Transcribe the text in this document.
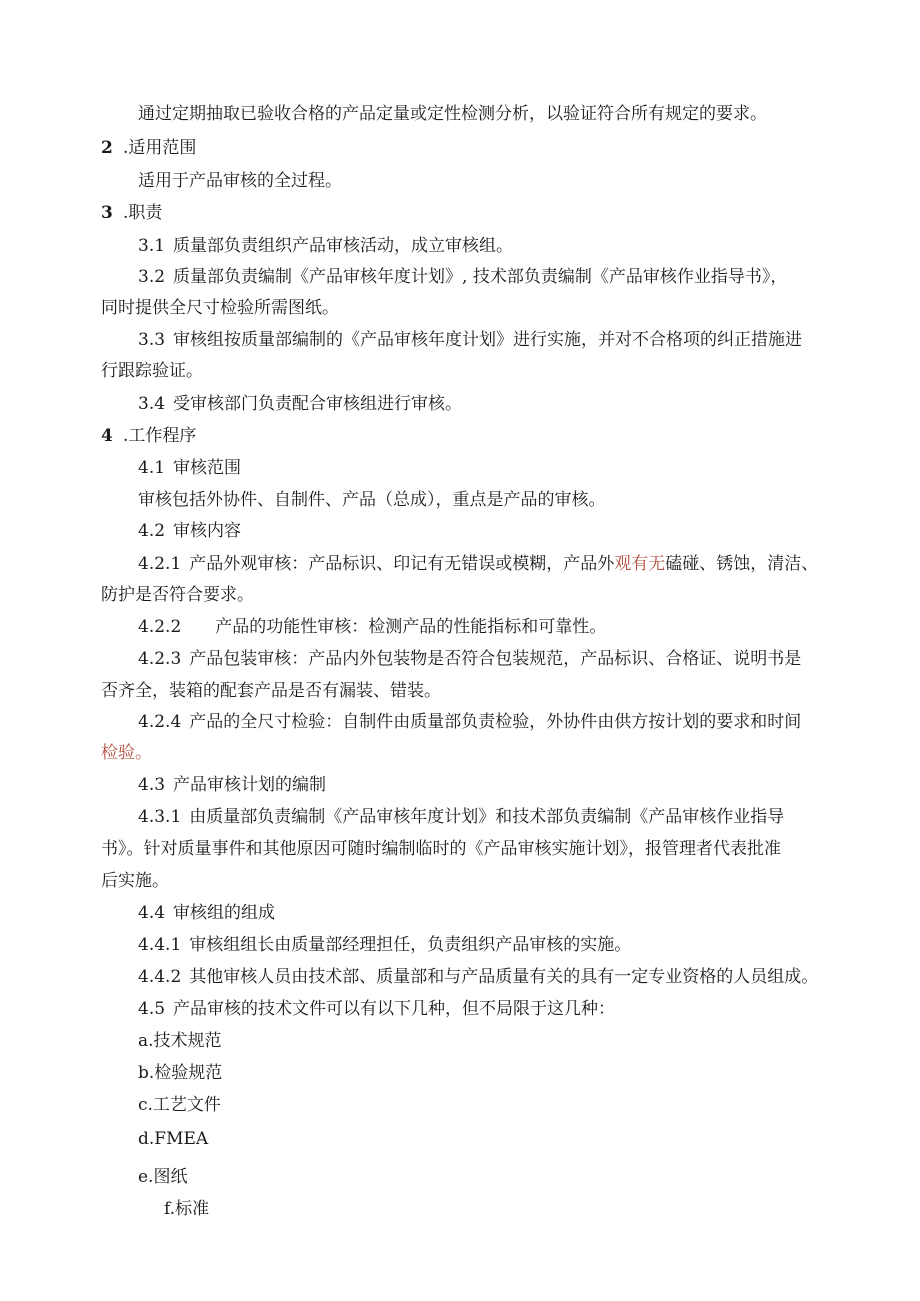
通过定期抽取已验收合格的产品定量或定性检测分析，以验证符合所有规定的要求。

2 .适用范围

适用于产品审核的全过程。

3 .职责

3.1 质量部负责组织产品审核活动，成立审核组。

3.2 质量部负责编制《产品审核年度计划》, 技术部负责编制《产品审核作业指导书》，

同时提供全尺寸检验所需图纸。

3.3 审核组按质量部编制的《产品审核年度计划》进行实施，并对不合格项的纠正措施进

行跟踪验证。

3.4 受审核部门负责配合审核组进行审核。

4 .工作程序

4.1 审核范围

审核包括外协件、自制件、产品（总成），重点是产品的审核。

4.2 审核内容

4.2.1 产品外观审核：产品标识、印记有无错误或模糊，产品外观有无磕碰、锈蚀，清洁、

防护是否符合要求。

4.2.2 产品的功能性审核：检测产品的性能指标和可靠性。

4.2.3 产品包装审核：产品内外包装物是否符合包装规范，产品标识、合格证、说明书是

否齐全，装箱的配套产品是否有漏装、错装。

4.2.4 产品的全尺寸检验：自制件由质量部负责检验，外协件由供方按计划的要求和时间

检验。

4.3 产品审核计划的编制

4.3.1 由质量部负责编制《产品审核年度计划》和技术部负责编制《产品审核作业指导

书》。针对质量事件和其他原因可随时编制临时的《产品审核实施计划》，报管理者代表批准

后实施。

4.4 审核组的组成

4.4.1 审核组组长由质量部经理担任，负责组织产品审核的实施。

4.4.2 其他审核人员由技术部、质量部和与产品质量有关的具有一定专业资格的人员组成。

4.5 产品审核的技术文件可以有以下几种，但不局限于这几种：

a.技术规范

b.检验规范

c.工艺文件

d.FMEA

e.图纸

f.标准
